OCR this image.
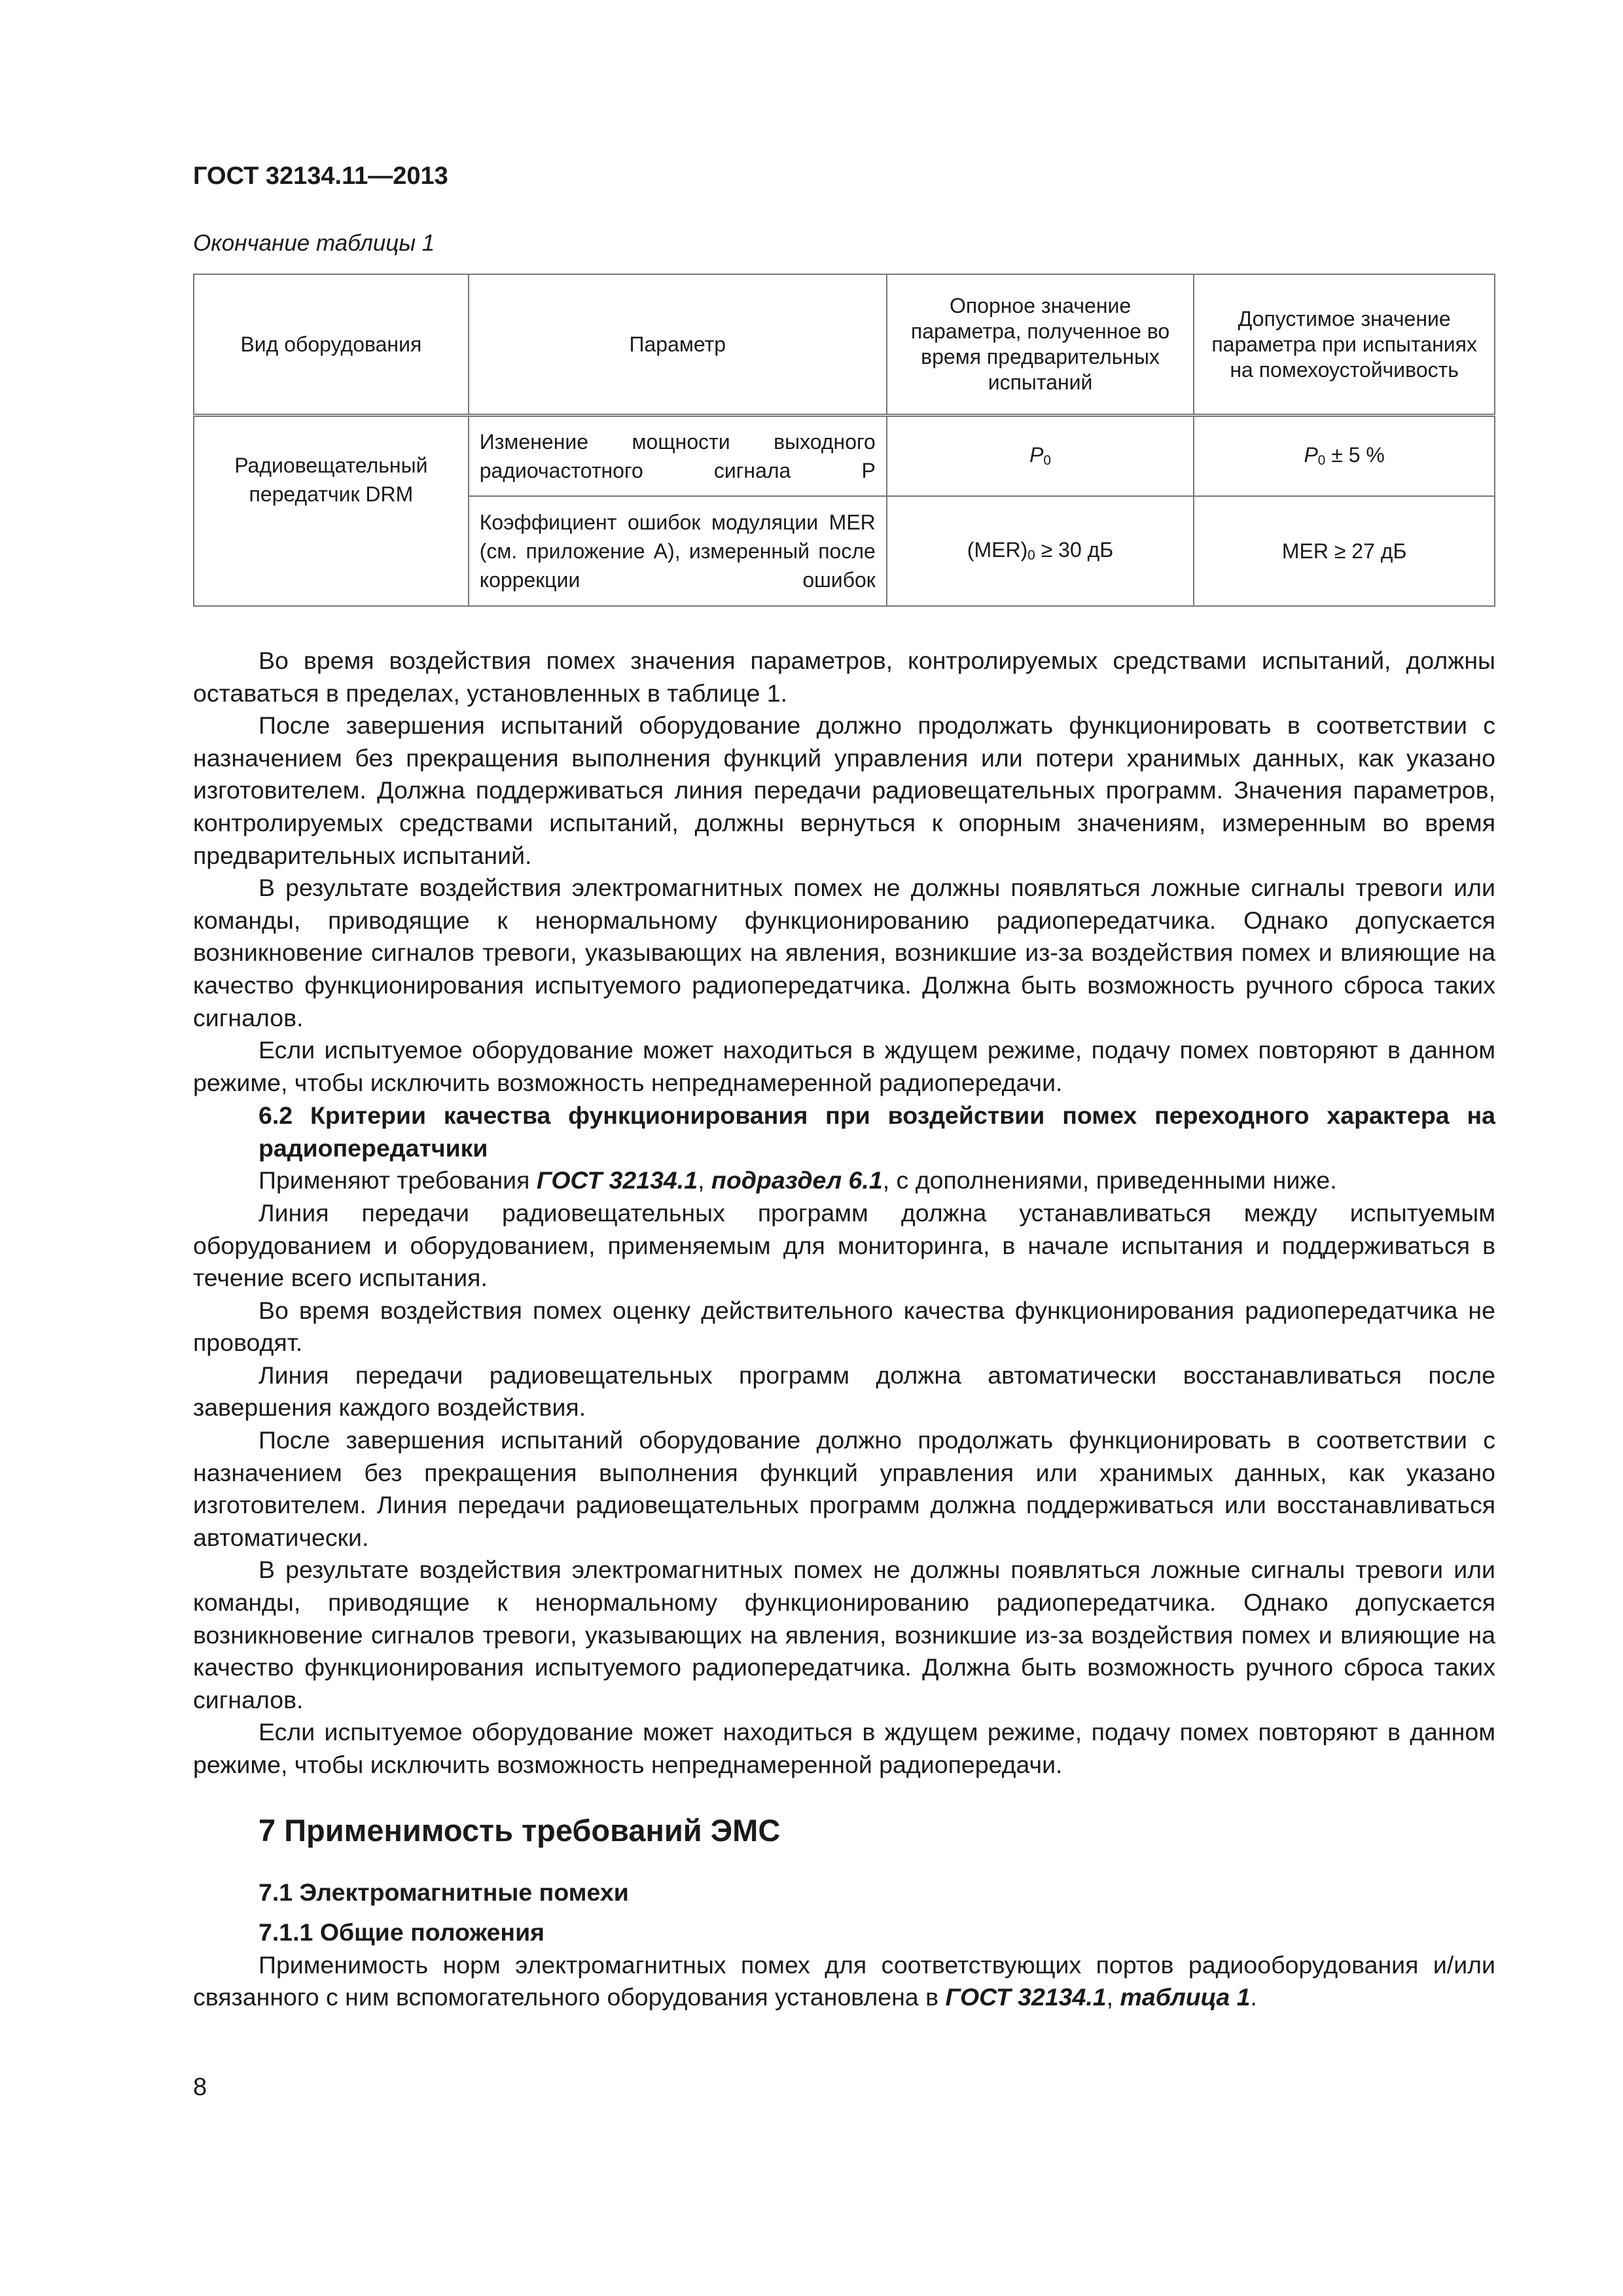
ГОСТ 32134.11—2013
Окончание таблицы 1
Вид оборудования	Параметр	Опорное значение параметра, полученное во время предварительных испытаний	Допустимое значение параметра при испытаниях на помехоустойчивость
Радиовещательный передатчик DRM	Изменение мощности выходного радиочастотного сигнала P	$P_0$	$P_0 \pm 5$ %
	Коэффициент ошибок модуляции MER (см. приложение А), измеренный после коррекции ошибок	$(MER)_0 \ge 30$ дБ	MER ≥ 27 дБ

Во время воздействия помех значения параметров, контролируемых средствами испытаний, должны оставаться в пределах, установленных в таблице 1.

После завершения испытаний оборудование должно продолжать функционировать в соответствии с назначением без прекращения выполнения функций управления или потери хранимых данных, как указано изготовителем. Должна поддерживаться линия передачи радиовещательных программ. Значения параметров, контролируемых средствами испытаний, должны вернуться к опорным значениям, измеренным во время предварительных испытаний.

В результате воздействия электромагнитных помех не должны появляться ложные сигналы тревоги или команды, приводящие к ненормальному функционированию радиопередатчика. Однако допускается возникновение сигналов тревоги, указывающих на явления, возникшие из-за воздействия помех и влияющие на качество функционирования испытуемого радиопередатчика. Должна быть возможность ручного сброса таких сигналов.

Если испытуемое оборудование может находиться в ждущем режиме, подачу помех повторяют в данном режиме, чтобы исключить возможность непреднамеренной радиопередачи.

6.2 Критерии качества функционирования при воздействии помех переходного характера на радиопередатчики

Применяют требования ГОСТ 32134.1, подраздел 6.1, с дополнениями, приведенными ниже.

Линия передачи радиовещательных программ должна устанавливаться между испытуемым оборудованием и оборудованием, применяемым для мониторинга, в начале испытания и поддерживаться в течение всего испытания.

Во время воздействия помех оценку действительного качества функционирования радиопередатчика не проводят.

Линия передачи радиовещательных программ должна автоматически восстанавливаться после завершения каждого воздействия.

После завершения испытаний оборудование должно продолжать функционировать в соответствии с назначением без прекращения выполнения функций управления или хранимых данных, как указано изготовителем. Линия передачи радиовещательных программ должна поддерживаться или восстанавливаться автоматически.

В результате воздействия электромагнитных помех не должны появляться ложные сигналы тревоги или команды, приводящие к ненормальному функционированию радиопередатчика. Однако допускается возникновение сигналов тревоги, указывающих на явления, возникшие из-за воздействия помех и влияющие на качество функционирования испытуемого радиопередатчика. Должна быть возможность ручного сброса таких сигналов.

Если испытуемое оборудование может находиться в ждущем режиме, подачу помех повторяют в данном режиме, чтобы исключить возможность непреднамеренной радиопередачи.

7 Применимость требований ЭМС
7.1 Электромагнитные помехи
7.1.1 Общие положения

Применимость норм электромагнитных помех для соответствующих портов радиооборудования и/или связанного с ним вспомогательного оборудования установлена в ГОСТ 32134.1, таблица 1.

8
